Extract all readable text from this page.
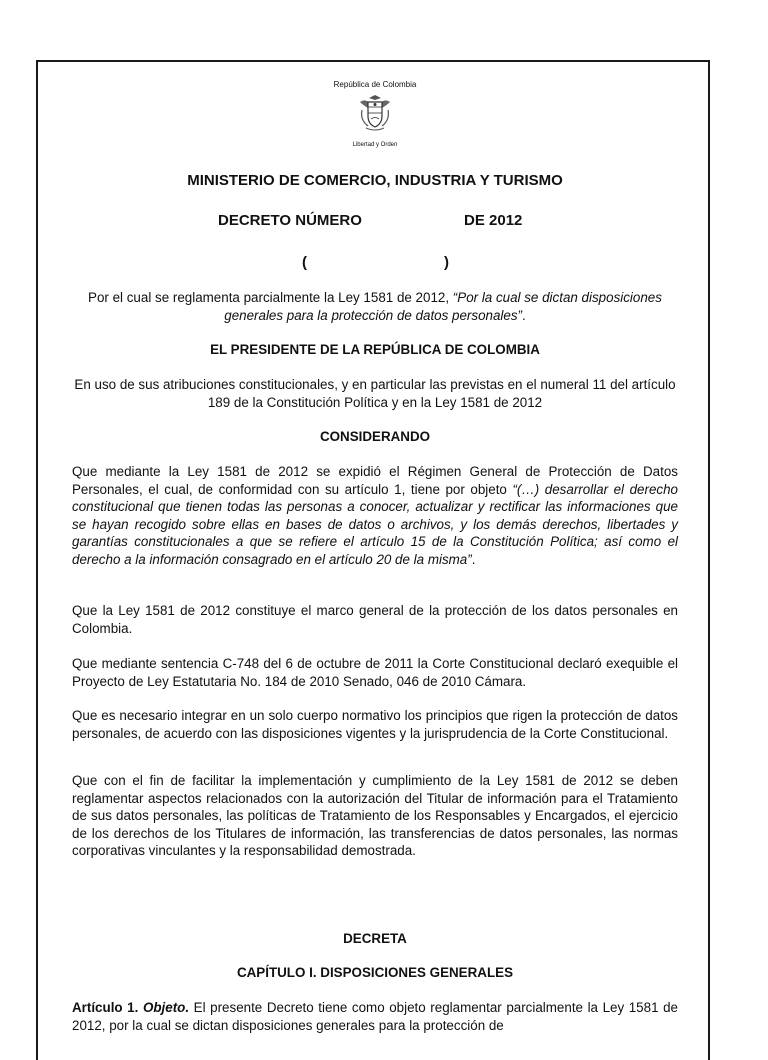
República de Colombia
Libertad y Orden
MINISTERIO DE COMERCIO, INDUSTRIA Y TURISMO
DECRETO NÚMERO	DE 2012
(	)
Por el cual se reglamenta parcialmente la Ley 1581 de 2012, “Por la cual se dictan disposiciones generales para la protección de datos personales”.
EL PRESIDENTE DE LA REPÚBLICA DE COLOMBIA
En uso de sus atribuciones constitucionales, y en particular las previstas en el numeral 11 del artículo 189 de la Constitución Política y en la Ley 1581 de 2012
CONSIDERANDO
Que mediante la Ley 1581 de 2012 se expidió el Régimen General de Protección de Datos Personales, el cual, de conformidad con su artículo 1, tiene por objeto “(…) desarrollar el derecho constitucional que tienen todas las personas a conocer, actualizar y rectificar las informaciones que se hayan recogido sobre ellas en bases de datos o archivos, y los demás derechos, libertades y garantías constitucionales a que se refiere el artículo 15 de la Constitución Política; así como el derecho a la información consagrado en el artículo 20 de la misma”.
Que la Ley 1581 de 2012 constituye el marco general de la protección de los datos personales en Colombia.
Que mediante sentencia C-748 del 6 de octubre de 2011 la Corte Constitucional declaró exequible el Proyecto de Ley Estatutaria No. 184 de 2010 Senado, 046 de 2010 Cámara.
Que es necesario integrar en un solo cuerpo normativo los principios que rigen la protección de datos personales, de acuerdo con las disposiciones vigentes y la jurisprudencia de la Corte Constitucional.
Que con el fin de facilitar la implementación y cumplimiento de la Ley 1581 de 2012 se deben reglamentar aspectos relacionados con la autorización del Titular de información para el Tratamiento de sus datos personales, las políticas de Tratamiento de los Responsables y Encargados, el ejercicio de los derechos de los Titulares de información, las transferencias de datos personales, las normas corporativas vinculantes y la responsabilidad demostrada.
DECRETA
CAPÍTULO I. DISPOSICIONES GENERALES
Artículo 1. Objeto. El presente Decreto tiene como objeto reglamentar parcialmente la Ley 1581 de 2012, por la cual se dictan disposiciones generales para la protección de
